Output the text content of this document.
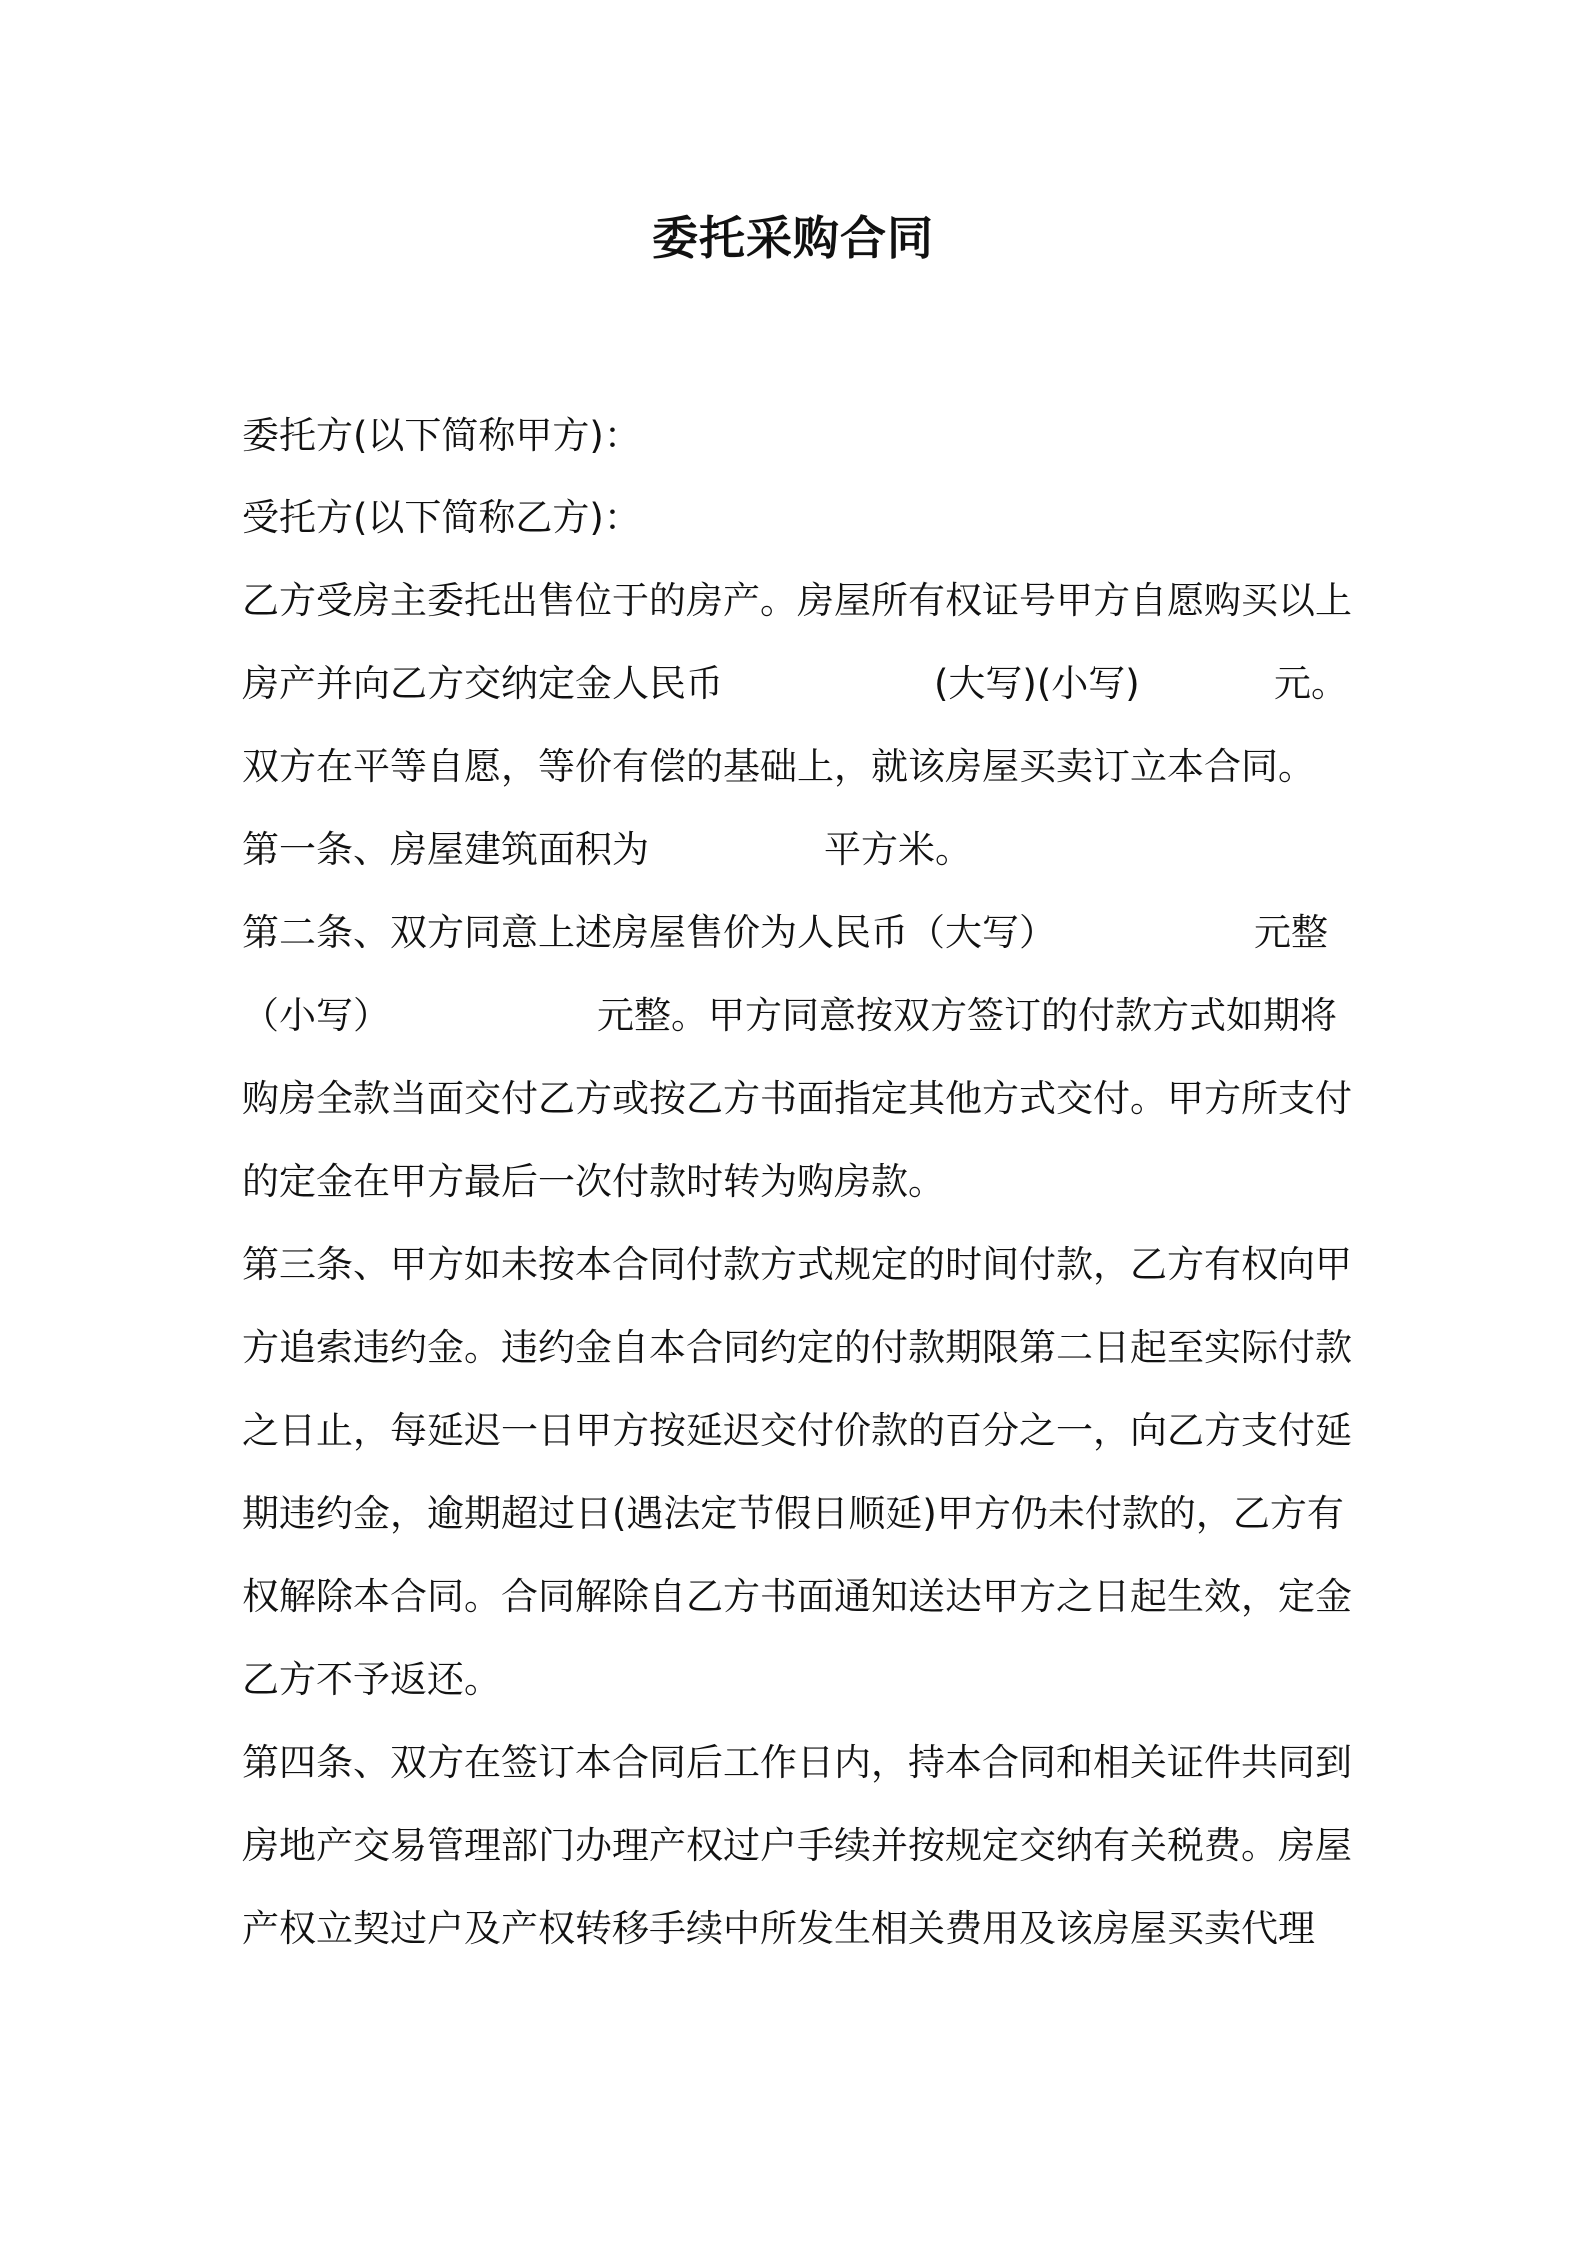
委托采购合同

委托方(以下简称甲方)：

受托方(以下简称乙方)：

乙方受房主委托出售位于的房产。房屋所有权证号甲方自愿购买以上

房产并向乙方交纳定金人民币	(大写)(小写)	元。

双方在平等自愿，等价有偿的基础上，就该房屋买卖订立本合同。

第一条、房屋建筑面积为	平方米。
第二条、双方同意上述房屋售价为人民币（大写）	元整
（小写）	元整。甲方同意按双方签订的付款方式如期将

购房全款当面交付乙方或按乙方书面指定其他方式交付。甲方所支付

的定金在甲方最后一次付款时转为购房款。

第三条、甲方如未按本合同付款方式规定的时间付款，乙方有权向甲

方追索违约金。违约金自本合同约定的付款期限第二日起至实际付款

之日止，每延迟一日甲方按延迟交付价款的百分之一，向乙方支付延

期违约金，逾期超过日(遇法定节假日顺延)甲方仍未付款的，乙方有

权解除本合同。合同解除自乙方书面通知送达甲方之日起生效，定金

乙方不予返还。

第四条、双方在签订本合同后工作日内，持本合同和相关证件共同到

房地产交易管理部门办理产权过户手续并按规定交纳有关税费。房屋

产权立契过户及产权转移手续中所发生相关费用及该房屋买卖代理
